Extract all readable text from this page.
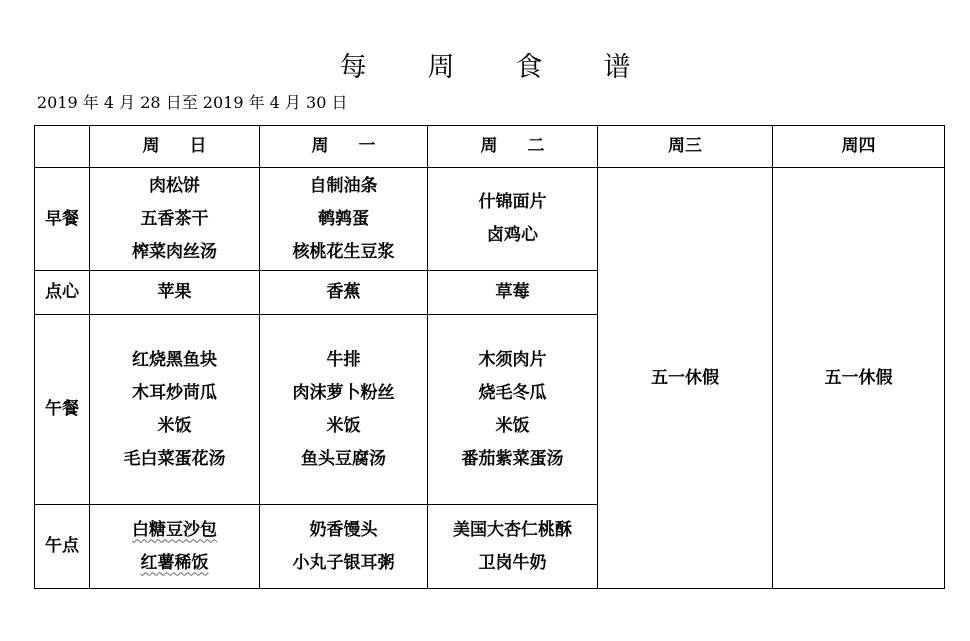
每 周 食 谱
2019 年 4 月 28 日至 2019 年 4 月 30 日
	周 日	周 一	周 二	周三	周四
早餐	肉松饼
五香茶干
榨菜肉丝汤	自制油条
鹌鹑蛋
核桃花生豆浆	什锦面片
卤鸡心	五一休假	五一休假
点心	苹果	香蕉	草莓		

午餐	红烧黑鱼块
木耳炒苘瓜
米饭
毛白菜蛋花汤	牛排
肉沫萝卜粉丝
米饭
鱼头豆腐汤	木须肉片
烧毛冬瓜
米饭
番茄紫菜蛋汤		

午点	白糖豆沙包
红薯稀饭	奶香馒头
小丸子银耳粥	美国大杏仁桃酥
卫岗牛奶		
